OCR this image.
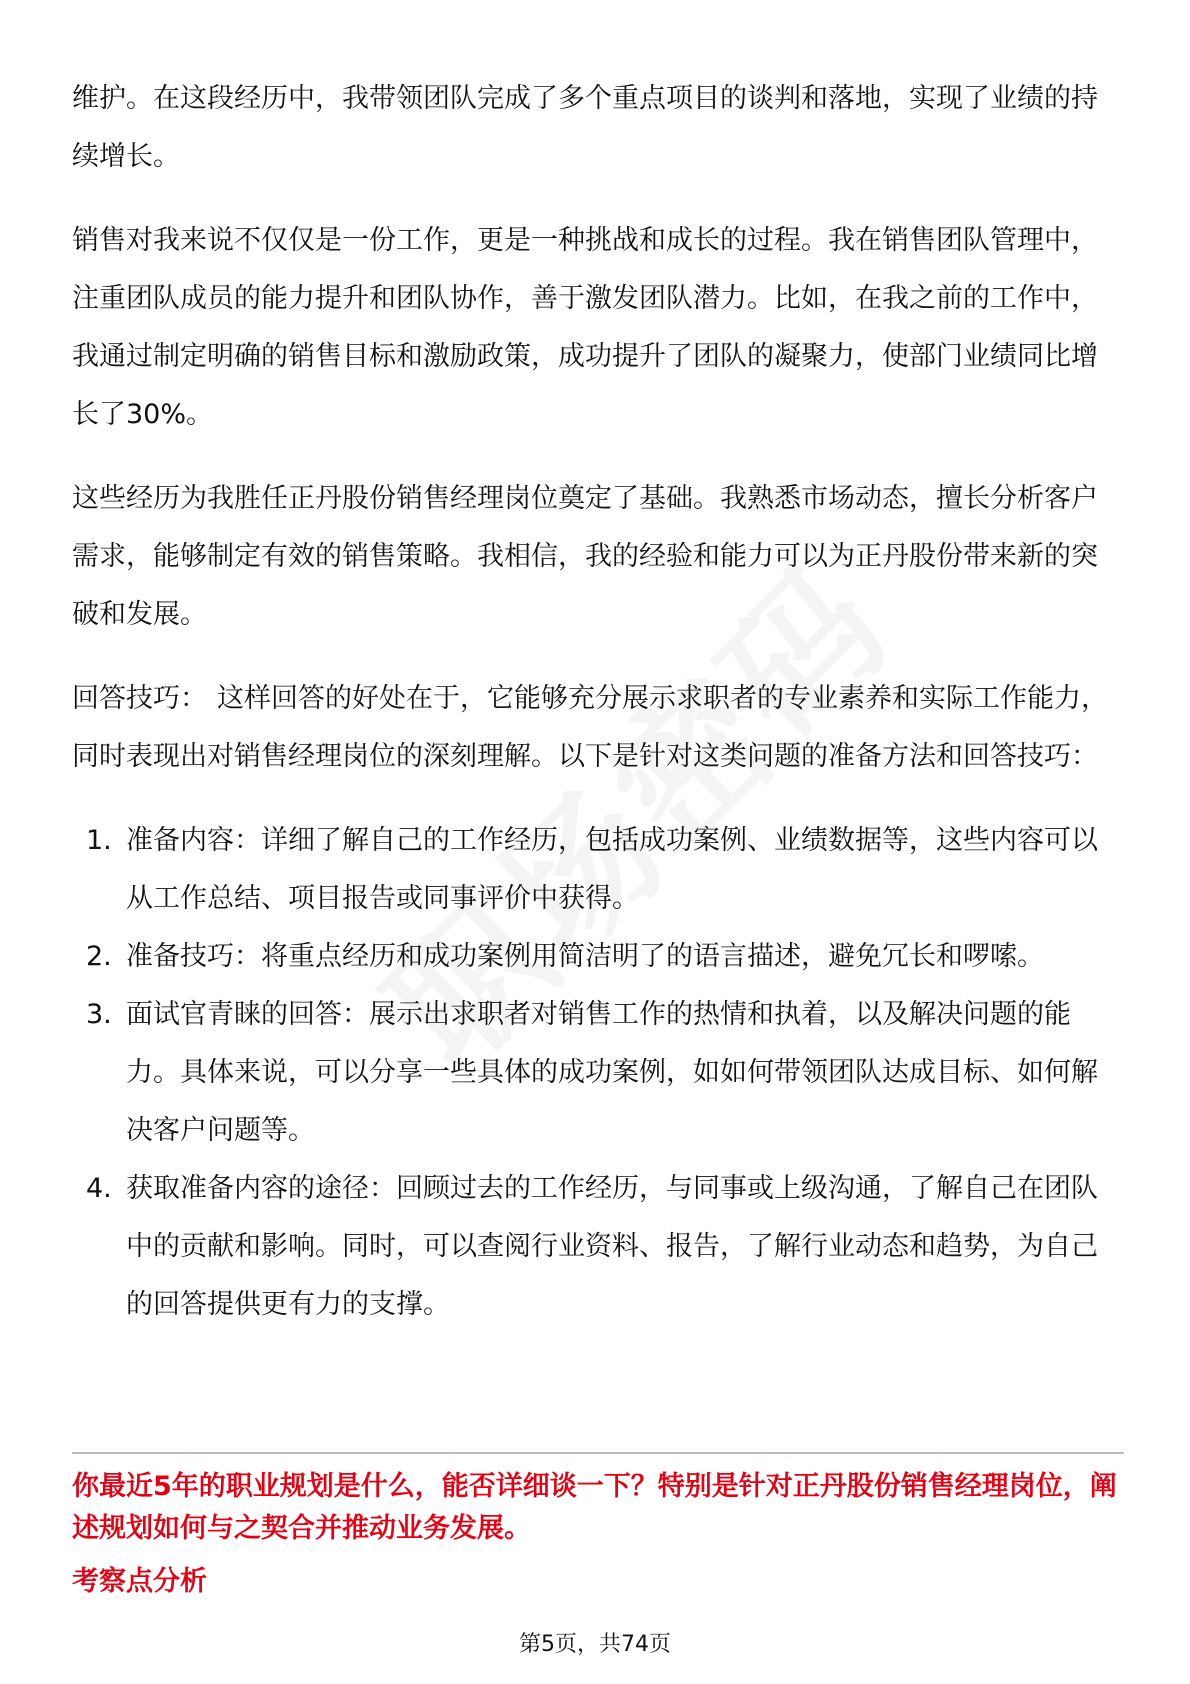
维护。在这段经历中，我带领团队完成了多个重点项目的谈判和落地，实现了业绩的持续增长。

销售对我来说不仅仅是一份工作，更是一种挑战和成长的过程。我在销售团队管理中，注重团队成员的能力提升和团队协作，善于激发团队潜力。比如，在我之前的工作中，我通过制定明确的销售目标和激励政策，成功提升了团队的凝聚力，使部门业绩同比增长了30%。

这些经历为我胜任正丹股份销售经理岗位奠定了基础。我熟悉市场动态，擅长分析客户需求，能够制定有效的销售策略。我相信，我的经验和能力可以为正丹股份带来新的突破和发展。

回答技巧： 这样回答的好处在于，它能够充分展示求职者的专业素养和实际工作能力，同时表现出对销售经理岗位的深刻理解。以下是针对这类问题的准备方法和回答技巧：

1. 准备内容：详细了解自己的工作经历，包括成功案例、业绩数据等，这些内容可以从工作总结、项目报告或同事评价中获得。
2. 准备技巧：将重点经历和成功案例用简洁明了的语言描述，避免冗长和啰嗦。
3. 面试官青睐的回答：展示出求职者对销售工作的热情和执着，以及解决问题的能力。具体来说，可以分享一些具体的成功案例，如如何带领团队达成目标、如何解决客户问题等。
4. 获取准备内容的途径：回顾过去的工作经历，与同事或上级沟通，了解自己在团队中的贡献和影响。同时，可以查阅行业资料、报告，了解行业动态和趋势，为自己的回答提供更有力的支撑。
你最近5年的职业规划是什么，能否详细谈一下？特别是针对正丹股份销售经理岗位，阐述规划如何与之契合并推动业务发展。
考察点分析
第5页，共74页
